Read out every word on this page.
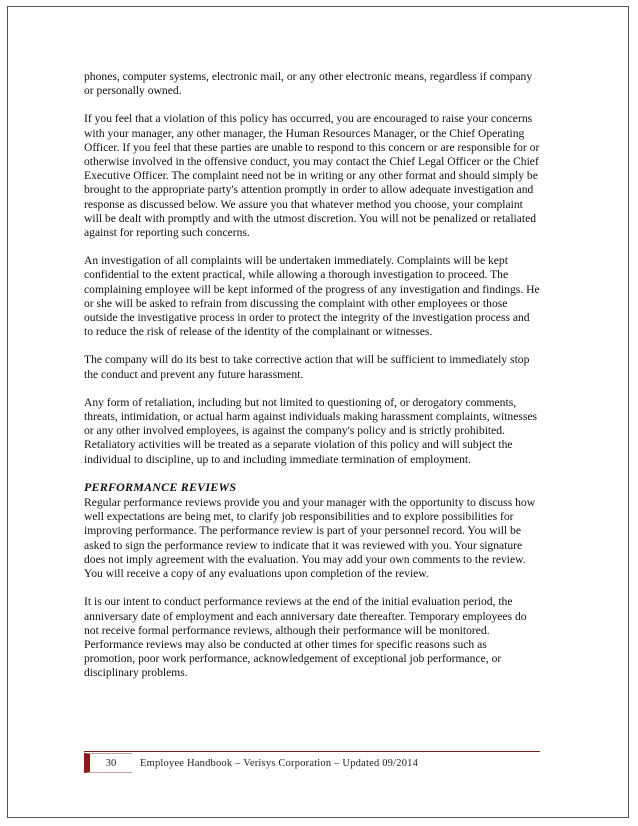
phones, computer systems, electronic mail, or any other electronic means, regardless if company or personally owned.

If you feel that a violation of this policy has occurred, you are encouraged to raise your concerns with your manager, any other manager, the Human Resources Manager, or the Chief Operating Officer. If you feel that these parties are unable to respond to this concern or are responsible for or otherwise involved in the offensive conduct, you may contact the Chief Legal Officer or the Chief Executive Officer. The complaint need not be in writing or any other format and should simply be brought to the appropriate party's attention promptly in order to allow adequate investigation and response as discussed below. We assure you that whatever method you choose, your complaint will be dealt with promptly and with the utmost discretion. You will not be penalized or retaliated against for reporting such concerns.

An investigation of all complaints will be undertaken immediately. Complaints will be kept confidential to the extent practical, while allowing a thorough investigation to proceed. The complaining employee will be kept informed of the progress of any investigation and findings. He or she will be asked to refrain from discussing the complaint with other employees or those outside the investigative process in order to protect the integrity of the investigation process and to reduce the risk of release of the identity of the complainant or witnesses.

The company will do its best to take corrective action that will be sufficient to immediately stop the conduct and prevent any future harassment.

Any form of retaliation, including but not limited to questioning of, or derogatory comments, threats, intimidation, or actual harm against individuals making harassment complaints, witnesses or any other involved employees, is against the company's policy and is strictly prohibited. Retaliatory activities will be treated as a separate violation of this policy and will subject the individual to discipline, up to and including immediate termination of employment.

PERFORMANCE REVIEWS

Regular performance reviews provide you and your manager with the opportunity to discuss how well expectations are being met, to clarify job responsibilities and to explore possibilities for improving performance. The performance review is part of your personnel record. You will be asked to sign the performance review to indicate that it was reviewed with you. Your signature does not imply agreement with the evaluation. You may add your own comments to the review. You will receive a copy of any evaluations upon completion of the review.

It is our intent to conduct performance reviews at the end of the initial evaluation period, the anniversary date of employment and each anniversary date thereafter. Temporary employees do not receive formal performance reviews, although their performance will be monitored. Performance reviews may also be conducted at other times for specific reasons such as promotion, poor work performance, acknowledgement of exceptional job performance, or disciplinary problems.

30 Employee Handbook – Verisys Corporation – Updated 09/2014
